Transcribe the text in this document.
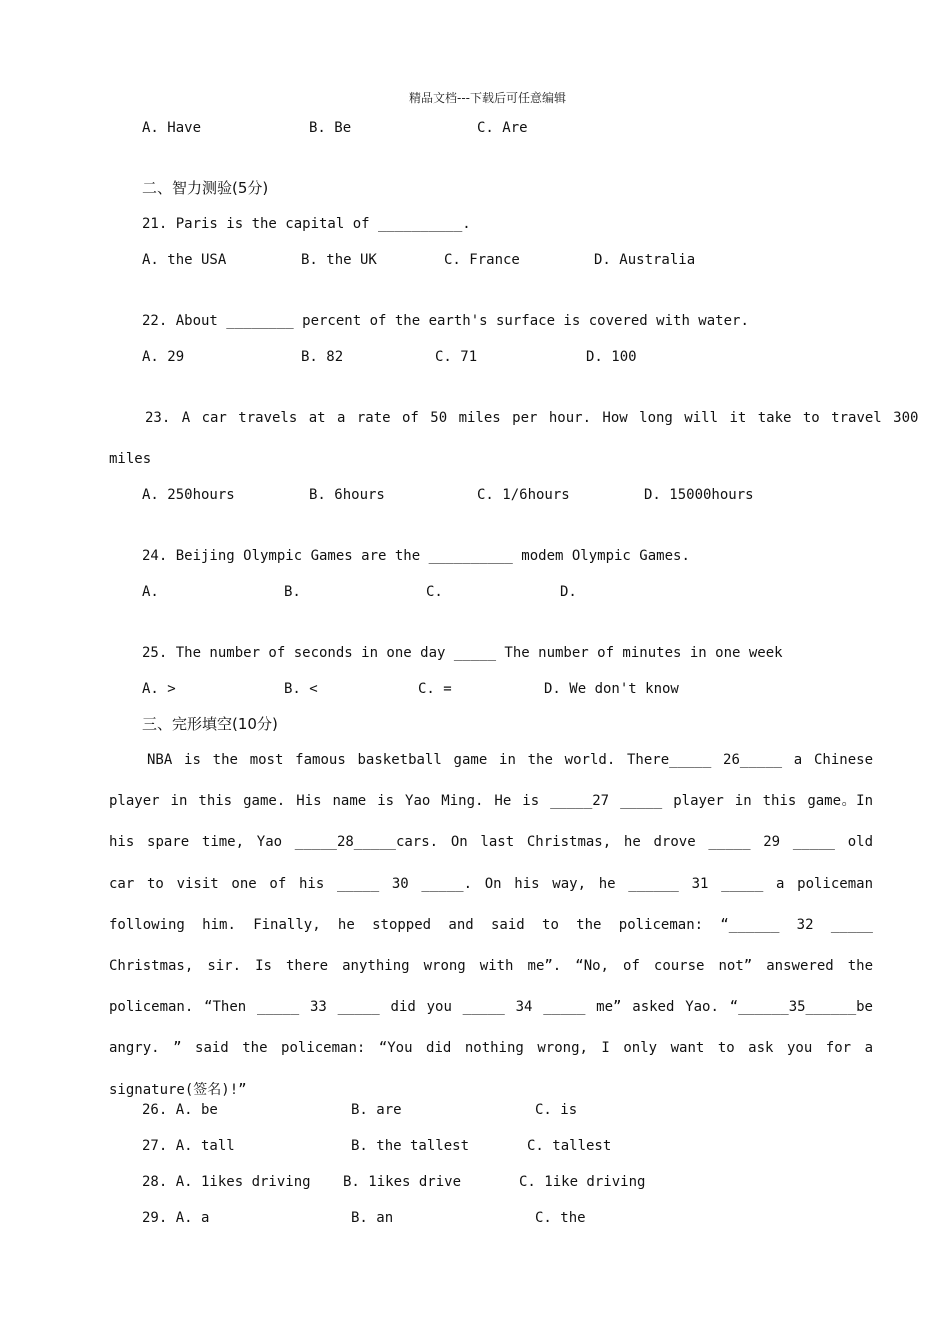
精品文档---下载后可任意编辑
A. Have	B. Be	C. Are
二、智力测验(5分)
21. Paris is the capital of __________.
A. the USA	B. the UK	C. France	D. Australia
22. About ________ percent of the earth's surface is covered with water.
A. 29	B. 82	C. 71	D. 100
23. A car travels at a rate of 50 miles per hour. How long will it take to travel 300
miles
A. 250hours	B. 6hours	C. 1/6hours	D. 15000hours
24. Beijing Olympic Games are the __________ modem Olympic Games.
A.	B.	C.	D.
25. The number of seconds in one day _____ The number of minutes in one week
A. >	B. <	C. =	D. We don't know
三、完形填空(10分)
NBA is the most famous basketball game in the world. There_____ 26_____ a Chinese player in this game. His name is Yao Ming. He is _____27 _____ player in this game。In his spare time, Yao _____28_____cars. On last Christmas, he drove _____ 29 _____ old car to visit one of his _____ 30 _____. On his way, he ______ 31 _____ a policeman following him. Finally, he stopped and said to the policeman: “______ 32 _____ Christmas, sir. Is there anything wrong with me”. “No, of course not” answered the policeman. “Then _____ 33 _____ did you _____ 34 _____ me” asked Yao. “______35______be angry. ” said the policeman: “You did nothing wrong, I only want to ask you for a signature(签名)!”
26. A. be	B. are	C. is
27. A. tall	B. the tallest	C. tallest
28. A. 1ikes driving B. 1ikes drive	C. 1ike driving
29. A. a	B. an	C. the
